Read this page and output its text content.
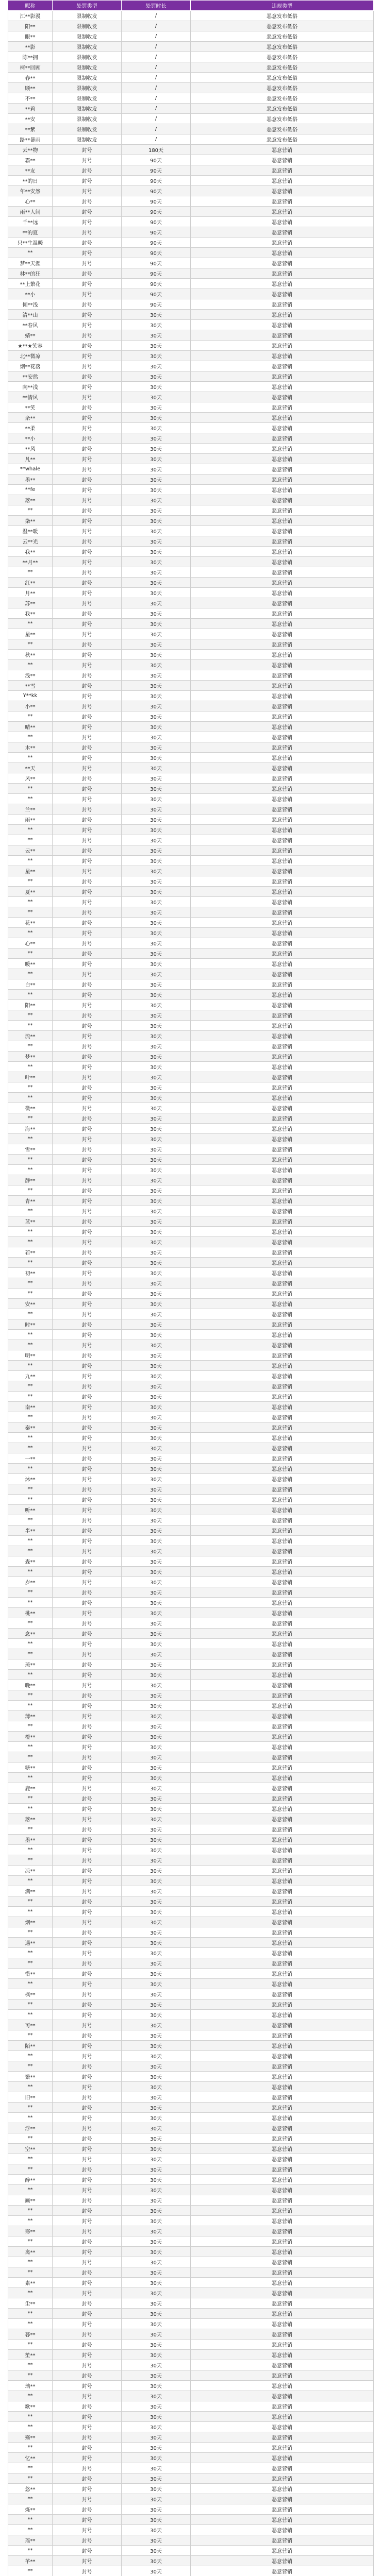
昵称	处罚类型	处罚时长	违规类型
江**影漫	限制收发	/	恶意发布低俗
阳**	限制收发	/	恶意发布低俗
眼**	限制收发	/	恶意发布低俗
**影	限制收发	/	恶意发布低俗
陈**拥	限制收发	/	恶意发布低俗
柯**回顾	限制收发	/	恶意发布低俗
春**	限制收发	/	恶意发布低俗
顾**	限制收发	/	恶意发布低俗
不**	限制收发	/	恶意发布低俗
**莉	限制收发	/	恶意发布低俗
**安	限制收发	/	恶意发布低俗
**紫	限制收发	/	恶意发布低俗
路**暴雨	限制收发	/	恶意发布低俗
云**物	封号	180天	恶意营销
霸**	封号	90天	恶意营销
**友	封号	90天	恶意营销
**的日	封号	90天	恶意营销
年**安然	封号	90天	恶意营销
心**	封号	90天	恶意营销
雨**人间	封号	90天	恶意营销
千**远	封号	90天	恶意营销
**的夏	封号	90天	恶意营销
只**生温暖	封号	90天	恶意营销
**	封号	90天	恶意营销
梦**天涯	封号	90天	恶意营销
林**的狂	封号	90天	恶意营销
**上繁花	封号	90天	恶意营销
**小	封号	90天	恶意营销
倾**浅	封号	90天	恶意营销
清**山	封号	30天	恶意营销
**春风	封号	30天	恶意营销
蜻**	封号	30天	恶意营销
★**★笑容	封号	30天	恶意营销
北**微凉	封号	30天	恶意营销
烟**花落	封号	30天	恶意营销
**安然	封号	30天	恶意营销
向**浅	封号	30天	恶意营销
**清风	封号	30天	恶意营销
**笑	封号	30天	恶意营销
杂**	封号	30天	恶意营销
**柔	封号	30天	恶意营销
**小	封号	30天	恶意营销
**风	封号	30天	恶意营销
凡**	封号	30天	恶意营销
**whale	封号	30天	恶意营销
墨**	封号	30天	恶意营销
**fe	封号	30天	恶意营销
落**	封号	30天	恶意营销
**	封号	30天	恶意营销
柒**	封号	30天	恶意营销
温**暖	封号	30天	恶意营销
云**光	封号	30天	恶意营销
我**	封号	30天	恶意营销
**月**	封号	30天	恶意营销
**	封号	30天	恶意营销
红**	封号	30天	恶意营销
月**	封号	30天	恶意营销
苏**	封号	30天	恶意营销
我**	封号	30天	恶意营销
**	封号	30天	恶意营销
星**	封号	30天	恶意营销
**	封号	30天	恶意营销
秋**	封号	30天	恶意营销
**	封号	30天	恶意营销
浅**	封号	30天	恶意营销
**雪	封号	30天	恶意营销
Y**kk	封号	30天	恶意营销
小**	封号	30天	恶意营销
**	封号	30天	恶意营销
晴**	封号	30天	恶意营销
**	封号	30天	恶意营销
木**	封号	30天	恶意营销
**	封号	30天	恶意营销
**天	封号	30天	恶意营销
风**	封号	30天	恶意营销
**	封号	30天	恶意营销
**	封号	30天	恶意营销
兰**	封号	30天	恶意营销
雨**	封号	30天	恶意营销
**	封号	30天	恶意营销
**	封号	30天	恶意营销
云**	封号	30天	恶意营销
**	封号	30天	恶意营销
星**	封号	30天	恶意营销
**	封号	30天	恶意营销
夏**	封号	30天	恶意营销
**	封号	30天	恶意营销
**	封号	30天	恶意营销
花**	封号	30天	恶意营销
**	封号	30天	恶意营销
心**	封号	30天	恶意营销
**	封号	30天	恶意营销
暖**	封号	30天	恶意营销
**	封号	30天	恶意营销
白**	封号	30天	恶意营销
**	封号	30天	恶意营销
阳**	封号	30天	恶意营销
**	封号	30天	恶意营销
**	封号	30天	恶意营销
流**	封号	30天	恶意营销
**	封号	30天	恶意营销
梦**	封号	30天	恶意营销
**	封号	30天	恶意营销
叶**	封号	30天	恶意营销
**	封号	30天	恶意营销
**	封号	30天	恶意营销
微**	封号	30天	恶意营销
**	封号	30天	恶意营销
海**	封号	30天	恶意营销
**	封号	30天	恶意营销
雪**	封号	30天	恶意营销
**	封号	30天	恶意营销
**	封号	30天	恶意营销
静**	封号	30天	恶意营销
**	封号	30天	恶意营销
青**	封号	30天	恶意营销
**	封号	30天	恶意营销
蓝**	封号	30天	恶意营销
**	封号	30天	恶意营销
**	封号	30天	恶意营销
若**	封号	30天	恶意营销
**	封号	30天	恶意营销
初**	封号	30天	恶意营销
**	封号	30天	恶意营销
**	封号	30天	恶意营销
安**	封号	30天	恶意营销
**	封号	30天	恶意营销
时**	封号	30天	恶意营销
**	封号	30天	恶意营销
**	封号	30天	恶意营销
明**	封号	30天	恶意营销
**	封号	30天	恶意营销
九**	封号	30天	恶意营销
**	封号	30天	恶意营销
**	封号	30天	恶意营销
南**	封号	30天	恶意营销
**	封号	30天	恶意营销
秦**	封号	30天	恶意营销
**	封号	30天	恶意营销
**	封号	30天	恶意营销
一**	封号	30天	恶意营销
**	封号	30天	恶意营销
沐**	封号	30天	恶意营销
**	封号	30天	恶意营销
**	封号	30天	恶意营销
听**	封号	30天	恶意营销
**	封号	30天	恶意营销
半**	封号	30天	恶意营销
**	封号	30天	恶意营销
**	封号	30天	恶意营销
森**	封号	30天	恶意营销
**	封号	30天	恶意营销
岁**	封号	30天	恶意营销
**	封号	30天	恶意营销
**	封号	30天	恶意营销
桃**	封号	30天	恶意营销
**	封号	30天	恶意营销
念**	封号	30天	恶意营销
**	封号	30天	恶意营销
**	封号	30天	恶意营销
琉**	封号	30天	恶意营销
**	封号	30天	恶意营销
晚**	封号	30天	恶意营销
**	封号	30天	恶意营销
**	封号	30天	恶意营销
薄**	封号	30天	恶意营销
**	封号	30天	恶意营销
橙**	封号	30天	恶意营销
**	封号	30天	恶意营销
**	封号	30天	恶意营销
糖**	封号	30天	恶意营销
**	封号	30天	恶意营销
鹿**	封号	30天	恶意营销
**	封号	30天	恶意营销
**	封号	30天	恶意营销
落**	封号	30天	恶意营销
**	封号	30天	恶意营销
墨**	封号	30天	恶意营销
**	封号	30天	恶意营销
**	封号	30天	恶意营销
凉**	封号	30天	恶意营销
**	封号	30天	恶意营销
满**	封号	30天	恶意营销
**	封号	30天	恶意营销
**	封号	30天	恶意营销
烟**	封号	30天	恶意营销
**	封号	30天	恶意营销
遇**	封号	30天	恶意营销
**	封号	30天	恶意营销
**	封号	30天	恶意营销
惜**	封号	30天	恶意营销
**	封号	30天	恶意营销
枫**	封号	30天	恶意营销
**	封号	30天	恶意营销
**	封号	30天	恶意营销
可**	封号	30天	恶意营销
**	封号	30天	恶意营销
陌**	封号	30天	恶意营销
**	封号	30天	恶意营销
**	封号	30天	恶意营销
繁**	封号	30天	恶意营销
**	封号	30天	恶意营销
旧**	封号	30天	恶意营销
**	封号	30天	恶意营销
**	封号	30天	恶意营销
浮**	封号	30天	恶意营销
**	封号	30天	恶意营销
空**	封号	30天	恶意营销
**	封号	30天	恶意营销
**	封号	30天	恶意营销
醉**	封号	30天	恶意营销
**	封号	30天	恶意营销
画**	封号	30天	恶意营销
**	封号	30天	恶意营销
**	封号	30天	恶意营销
寒**	封号	30天	恶意营销
**	封号	30天	恶意营销
离**	封号	30天	恶意营销
**	封号	30天	恶意营销
**	封号	30天	恶意营销
素**	封号	30天	恶意营销
**	封号	30天	恶意营销
尘**	封号	30天	恶意营销
**	封号	30天	恶意营销
**	封号	30天	恶意营销
暮**	封号	30天	恶意营销
**	封号	30天	恶意营销
笙**	封号	30天	恶意营销
**	封号	30天	恶意营销
**	封号	30天	恶意营销
璃**	封号	30天	恶意营销
**	封号	30天	恶意营销
歌**	封号	30天	恶意营销
**	封号	30天	恶意营销
**	封号	30天	恶意营销
殇**	封号	30天	恶意营销
**	封号	30天	恶意营销
忆**	封号	30天	恶意营销
**	封号	30天	恶意营销
**	封号	30天	恶意营销
悠**	封号	30天	恶意营销
**	封号	30天	恶意营销
烁**	封号	30天	恶意营销
**	封号	30天	恶意营销
**	封号	30天	恶意营销
瑶**	封号	30天	恶意营销
**	封号	30天	恶意营销
芊**	封号	30天	恶意营销
**	封号	30天	恶意营销
